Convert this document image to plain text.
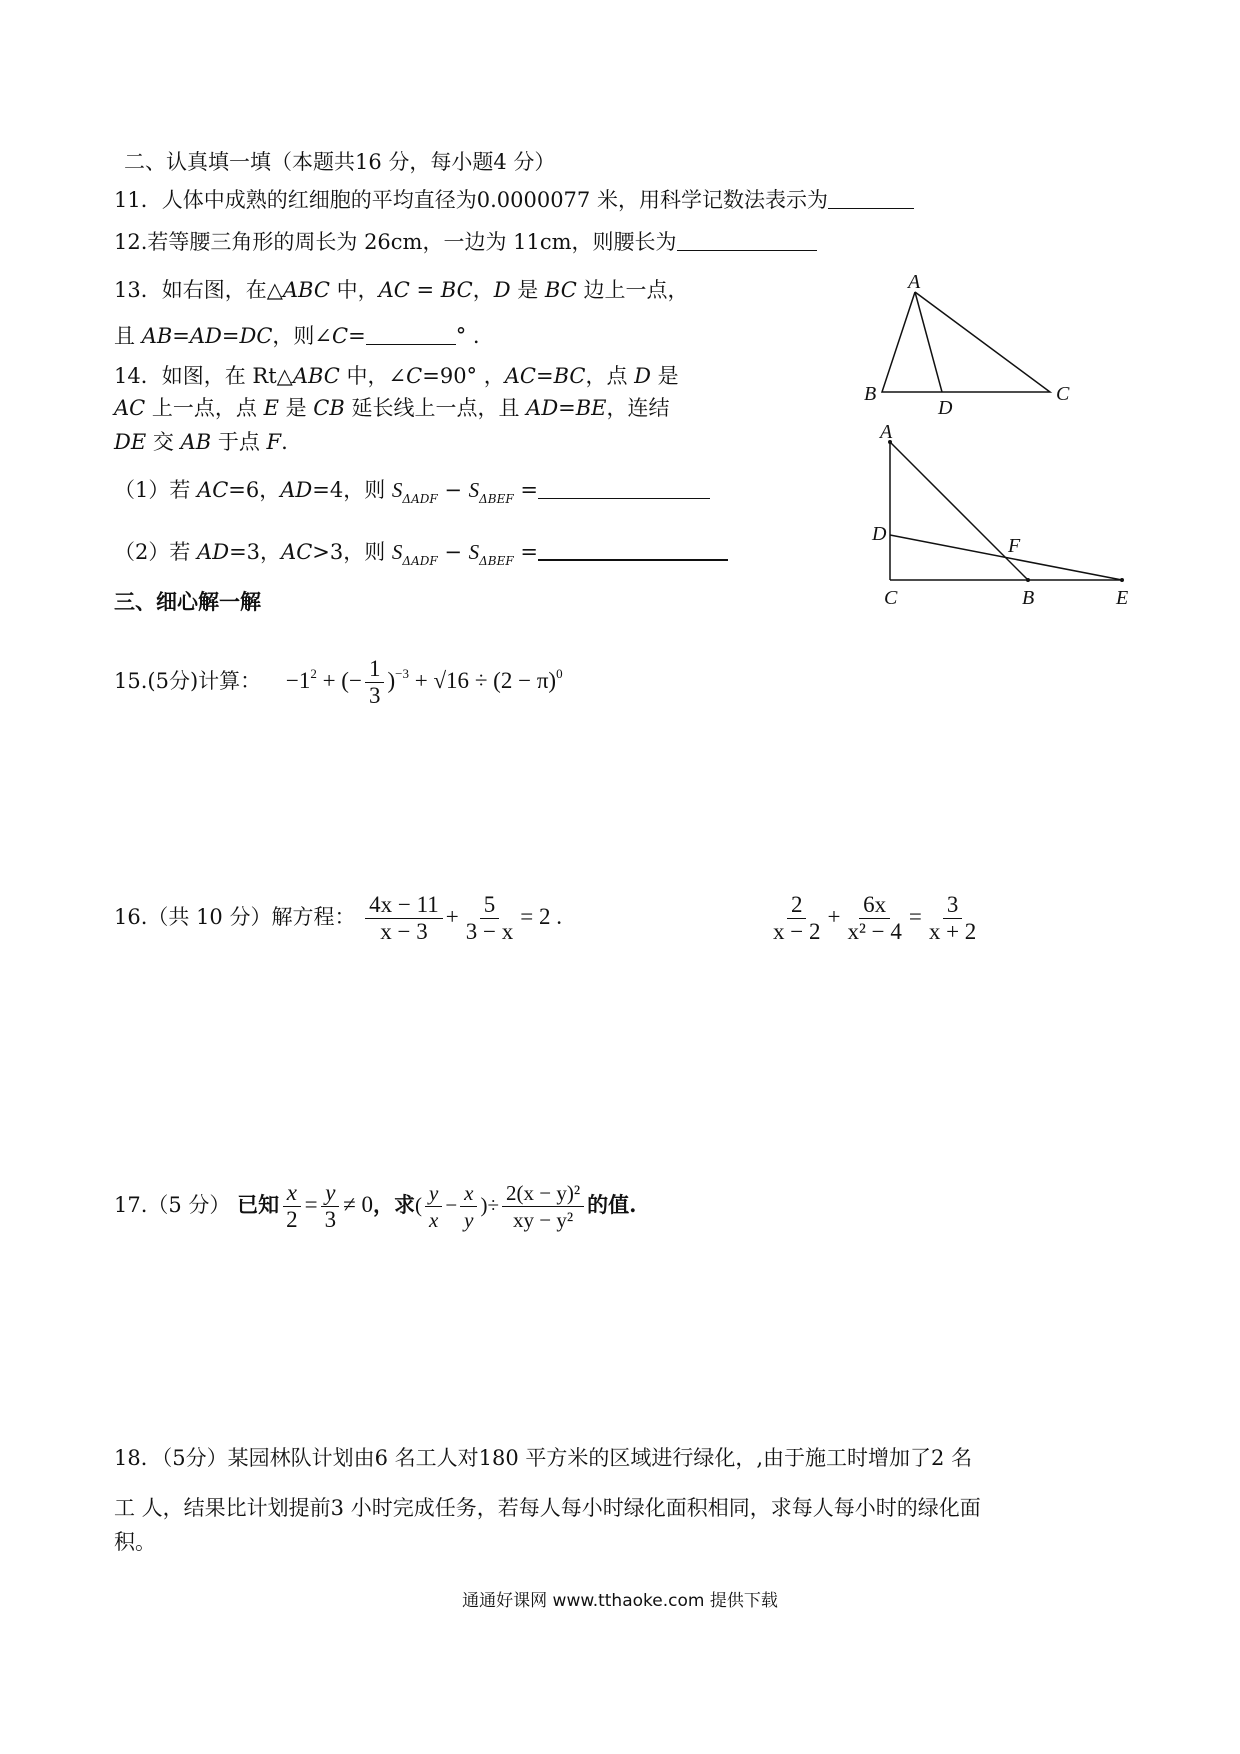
二、认真填一填（本题共16 分，每小题4 分）
11．人体中成熟的红细胞的平均直径为0.0000077 米，用科学记数法表示为
12.若等腰三角形的周长为 26cm，一边为 11cm，则腰长为
13．如右图，在△ABC 中，AC = BC，D 是 BC 边上一点，
且 AB=AD=DC，则∠C=	° .
14．如图，在 Rt△ABC 中，∠C=90° ，AC=BC，点 D 是
AC 上一点，点 E 是 CB 延长线上一点，且 AD=BE，连结
DE 交 AB 于点 F.
（1）若 AC=6，AD=4，则 $S_{\Delta ADF} - S_{\Delta BEF}$ =
（2）若 AD=3，AC>3，则 $S_{\Delta ADF} - S_{\Delta BEF}$ =
A
B
D
C
A
D
F
C	B	E
三、细心解一解
15.(5分)计算： $-1^2$ + (− $\frac{1}{3} )^{-3} + √16 \div (2 - \pi)^0$
16.（共 10 分）解方程： $\frac{4x - 11}{x - 3} + \frac{5}{3 - x} = 2$ .	$\frac{2}{x - 2} + \frac{6x}{\text{x² − 4}} = \frac{3}{x + 2}$
17.（5 分） 已知 $\frac{x}{2} = \frac{y}{3} \ne 0$，求( $\frac{y}{x} - \frac{x}{y}$ )÷ $\frac{\text{2(x − y)²}}{\text{xy − y²}}$ 的值.
18．（5分）某园林队计划由6 名工人对180 平方米的区域进行绿化，,由于施工时增加了2 名
工 人，结果比计划提前3 小时完成任务，若每人每小时绿化面积相同，求每人每小时的绿化面
积。
通通好课网 www.tthaoke.com 提供下载
